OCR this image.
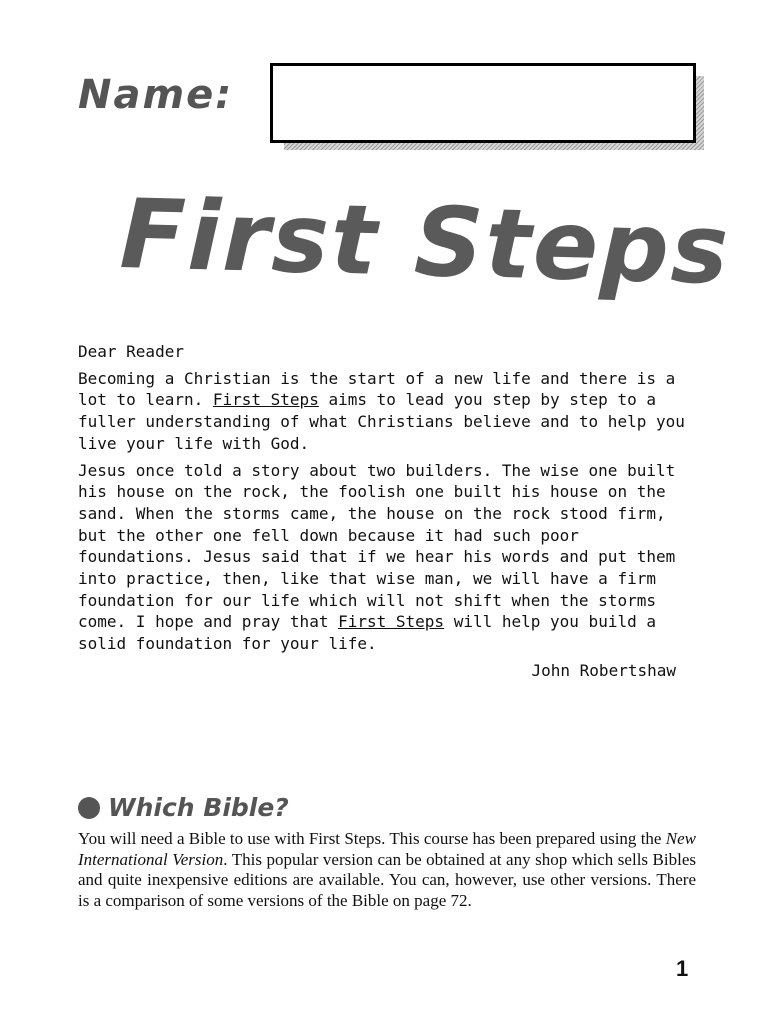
Name:
First Steps

Dear Reader

Becoming a Christian is the start of a new life and there is a lot to learn. First Steps aims to lead you step by step to a fuller understanding of what Christians believe and to help you live your life with God.

Jesus once told a story about two builders. The wise one built his house on the rock, the foolish one built his house on the sand. When the storms came, the house on the rock stood firm, but the other one fell down because it had such poor foundations. Jesus said that if we hear his words and put them into practice, then, like that wise man, we will have a firm foundation for our life which will not shift when the storms come. I hope and pray that First Steps will help you build a solid foundation for your life.

John Robertshaw
Which Bible?

You will need a Bible to use with First Steps. This course has been prepared using the New International Version. This popular version can be obtained at any shop which sells Bibles and quite inexpensive editions are available. You can, however, use other versions. There is a comparison of some versions of the Bible on page 72.

1
